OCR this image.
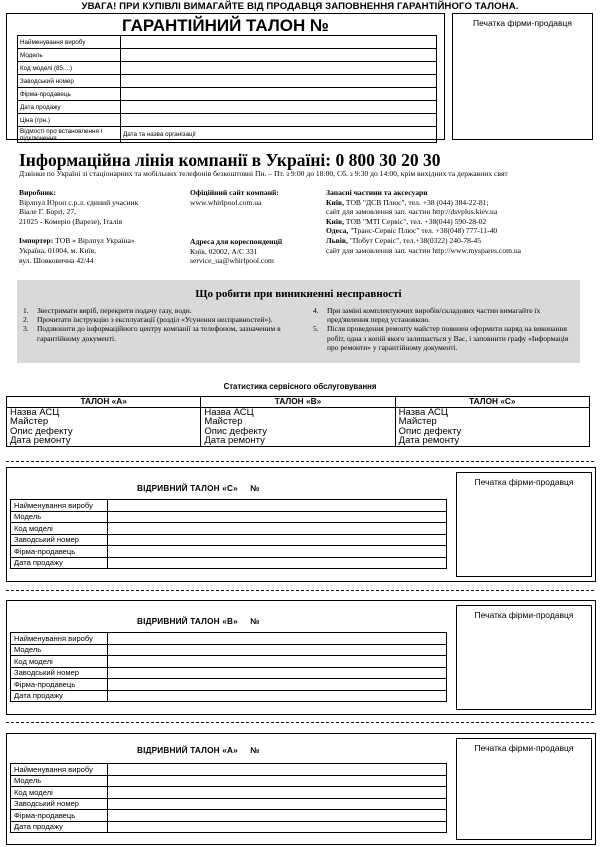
УВАГА! ПРИ КУПІВЛІ ВИМАГАЙТЕ ВІД ПРОДАВЦЯ ЗАПОВНЕННЯ ГАРАНТІЙНОГО ТАЛОНА.
ГАРАНТІЙНИЙ ТАЛОН №
Найменування виробу	
Модель	
Код моделі (85....)	
Заводський номер	
Фірма-продавець	
Дата продажу	
Ціна (грн.)	
Відмості про встановлення і підключення	Дата та назва організації
Печатка фірми-продавця
Інформаційна лінія компанії в Україні: 0 800 30 20 30
Дзвінки по Україні зі стаціонарних та мобільних телефонів безкоштовні Пн. – Пт. з 9:00 до 18:00, Сб. з 9:30 до 14:00, крім вихідних та державних свят
Виробник:
Вірлпул Юроп с.р.л. єдиний учасник
Віале Г. Борґі, 27,
21025 - Комеріо (Варезе), Італія
Імпортер: ТОВ « Вірлпул Україна»
Україна, 01004, м. Київ,
вул. Шовковична 42/44
Офіційний сайт компанії:
www.whirlpool.com.ua
Адреса для кореспонденції
Київ, 02002, А/С 331
service_ua@whirlpool.com
Запасні частини та аксесуари
Київ, ТОВ "ДСВ Плюс", тел. +38 (044) 384-22-81;
сайт для замовлення зап. частин http://dsvplus.kiev.ua
Київ, ТОВ "МТІ Сервіс", тел. +38(044) 590-28-02
Одеса, "Транс-Сервіс Плюс" тел. +38(048) 777-11-40
Львів, "Побут Сервіс", тел.+38(0322) 240-78-45
сайт для замовлення зап. частин http://www.myspareѕ.com.ua
Що робити при виникненні несправності
1. Звестримати виріб, перекрити подачу газу, води.
2. Прочитати інструкцію з експлуатації (розділ «Усунення несправностей»).
3. Подзвонити до інформаційного центру компанії за телефоном, зазначеним в гарантійному документі.
4. При заміні комплектуючих виробів/складових частин вимагайте їх пред'явлення перед установкою.
5. Після проведення ремонту майстер повинен оформити наряд на виконання робіт, одна з копій якого залишається у Вас, і заповнити графу «Інформація про ремонти» у гарантійному документі.
Статистика сервісного обслуговування
ТАЛОН «А»	ТАЛОН «В»	ТАЛОН «С»
Назва АСЦ	Назва АСЦ	Назва АСЦ
Майстер	Майстер	Майстер
Опис дефекту	Опис дефекту	Опис дефекту
Дата ремонту	Дата ремонту	Дата ремонту
ВІДРИВНИЙ ТАЛОН «С» №
Найменування виробу	
Модель	
Код моделі	
Заводський номер	
Фірма-продавець	
Дата продажу	
Печатка фірми-продавця
ВІДРИВНИЙ ТАЛОН «В» №
Найменування виробу	
Модель	
Код моделі	
Заводський номер	
Фірма-продавець	
Дата продажу	
Печатка фірми-продавця
ВІДРИВНИЙ ТАЛОН «А» №
Найменування виробу	
Модель	
Код моделі	
Заводський номер	
Фірма-продавець	
Дата продажу	
Печатка фірми-продавця
